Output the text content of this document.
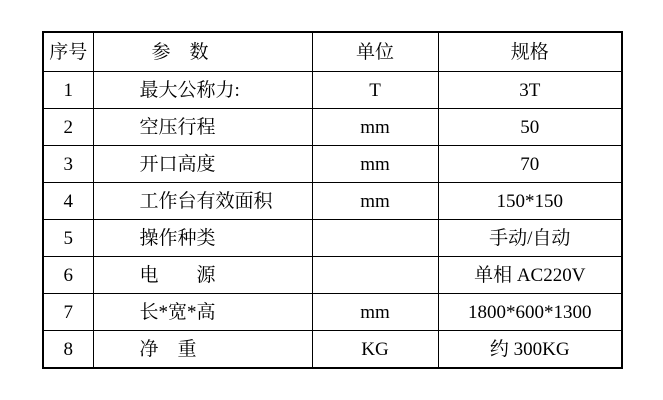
序号	参　数	单位	规格
1	最大公称力:	T	3T
2	空压行程	mm	50
3	开口高度	mm	70
4	工作台有效面积	mm	150*150
5	操作种类		手动/自动
6	电　　源		单相 AC220V
7	长*宽*高	mm	1800*600*1300
8	净　重	KG	约 300KG
